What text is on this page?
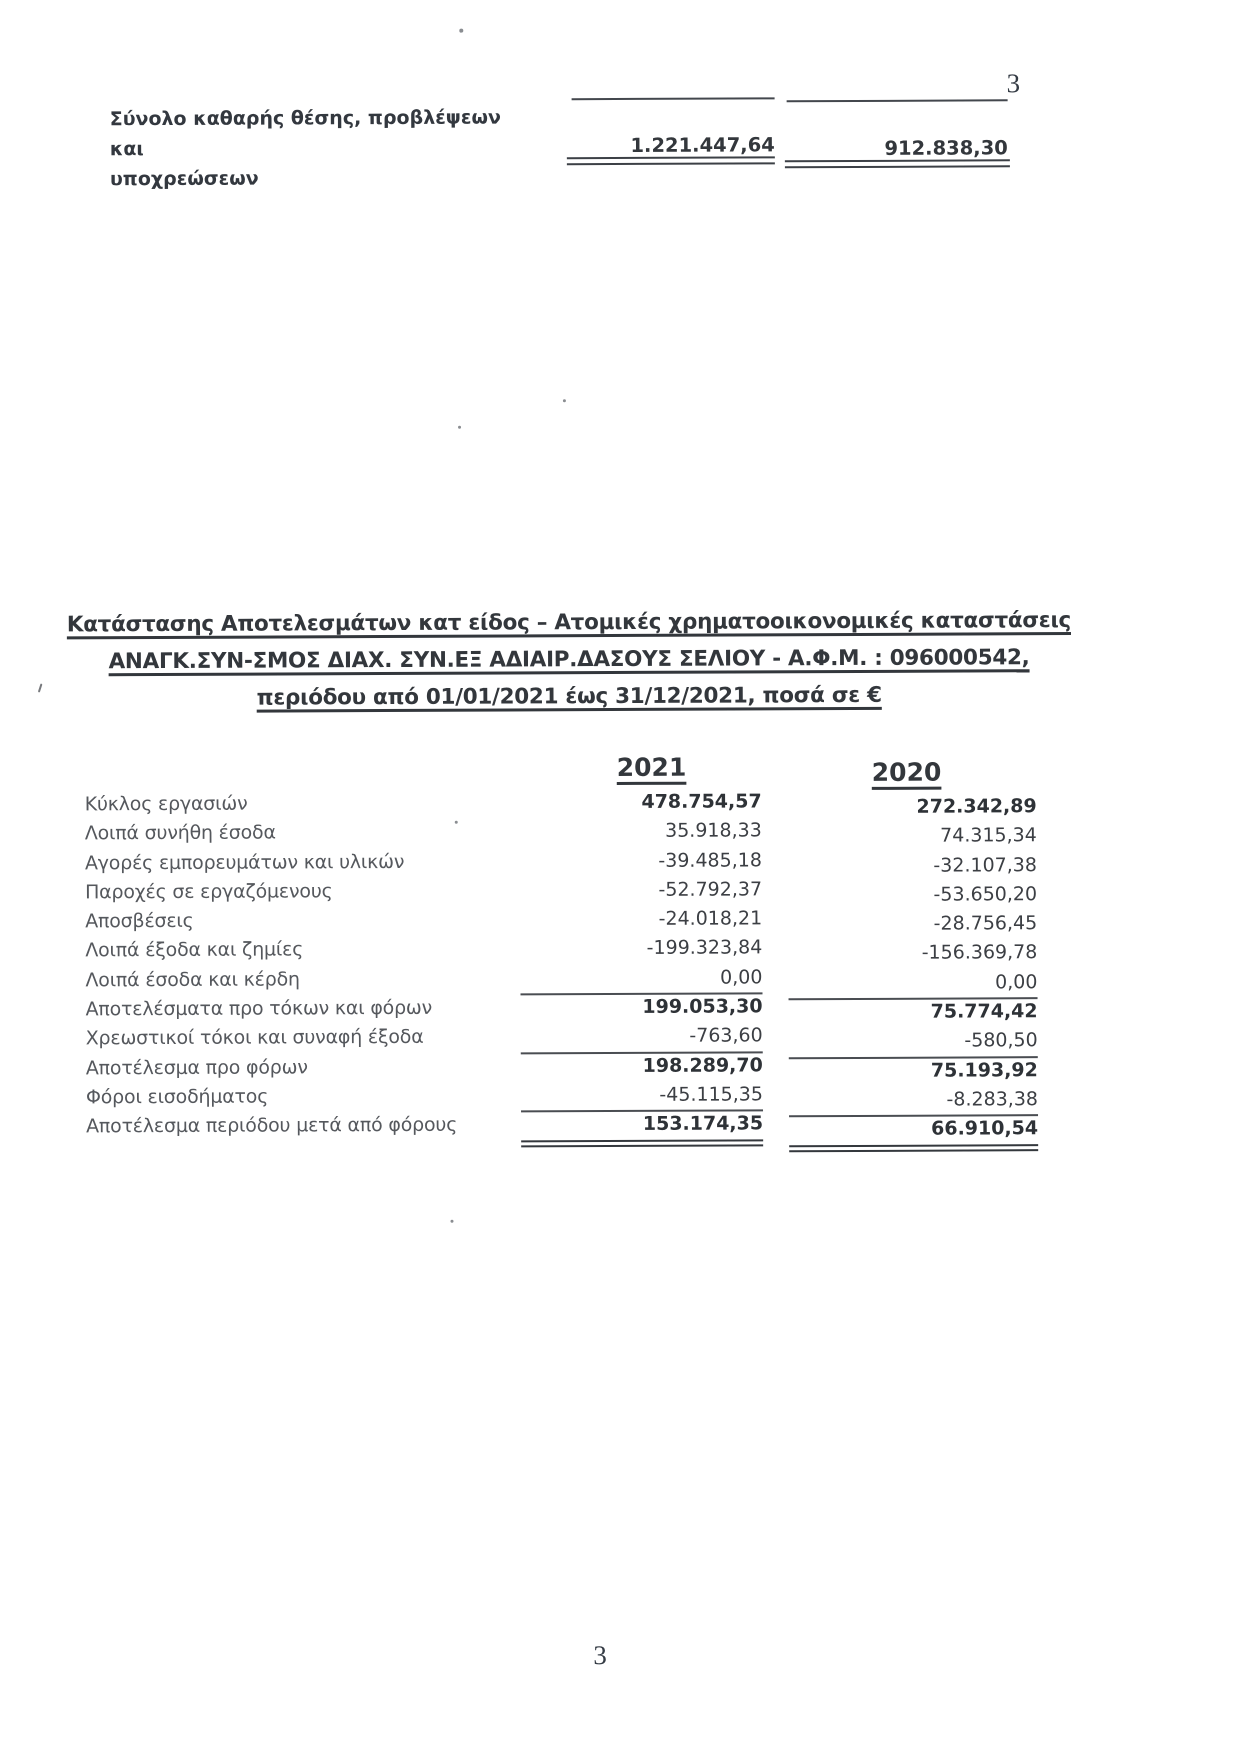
3
Σύνολο καθαρής θέσης, προβλέψεων και
υποχρεώσεων
1.221.447,64	912.838,30
Κατάστασης Αποτελεσμάτων κατ είδος – Ατομικές χρηματοοικονομικές καταστάσεις
ΑΝΑΓΚ.ΣΥΝ-ΣΜΟΣ ΔΙΑΧ. ΣΥΝ.ΕΞ ΑΔΙΑΙΡ.ΔΑΣΟΥΣ ΣΕΛΙΟΥ - Α.Φ.Μ. : 096000542,
περιόδου από 01/01/2021 έως 31/12/2021, ποσά σε €
2021	2020
Κύκλος εργασιών	478.754,57	272.342,89
Λοιπά συνήθη έσοδα	35.918,33	74.315,34
Αγορές εμπορευμάτων και υλικών	-39.485,18	-32.107,38
Παροχές σε εργαζόμενους	-52.792,37	-53.650,20
Αποσβέσεις	-24.018,21	-28.756,45
Λοιπά έξοδα και ζημίες	-199.323,84	-156.369,78
Λοιπά έσοδα και κέρδη	0,00	0,00
Αποτελέσματα προ τόκων και φόρων	199.053,30	75.774,42
Χρεωστικοί τόκοι και συναφή έξοδα	-763,60	-580,50
Αποτέλεσμα προ φόρων	198.289,70	75.193,92
Φόροι εισοδήματος	-45.115,35	-8.283,38
Αποτέλεσμα περιόδου μετά από φόρους	153.174,35	66.910,54
3
